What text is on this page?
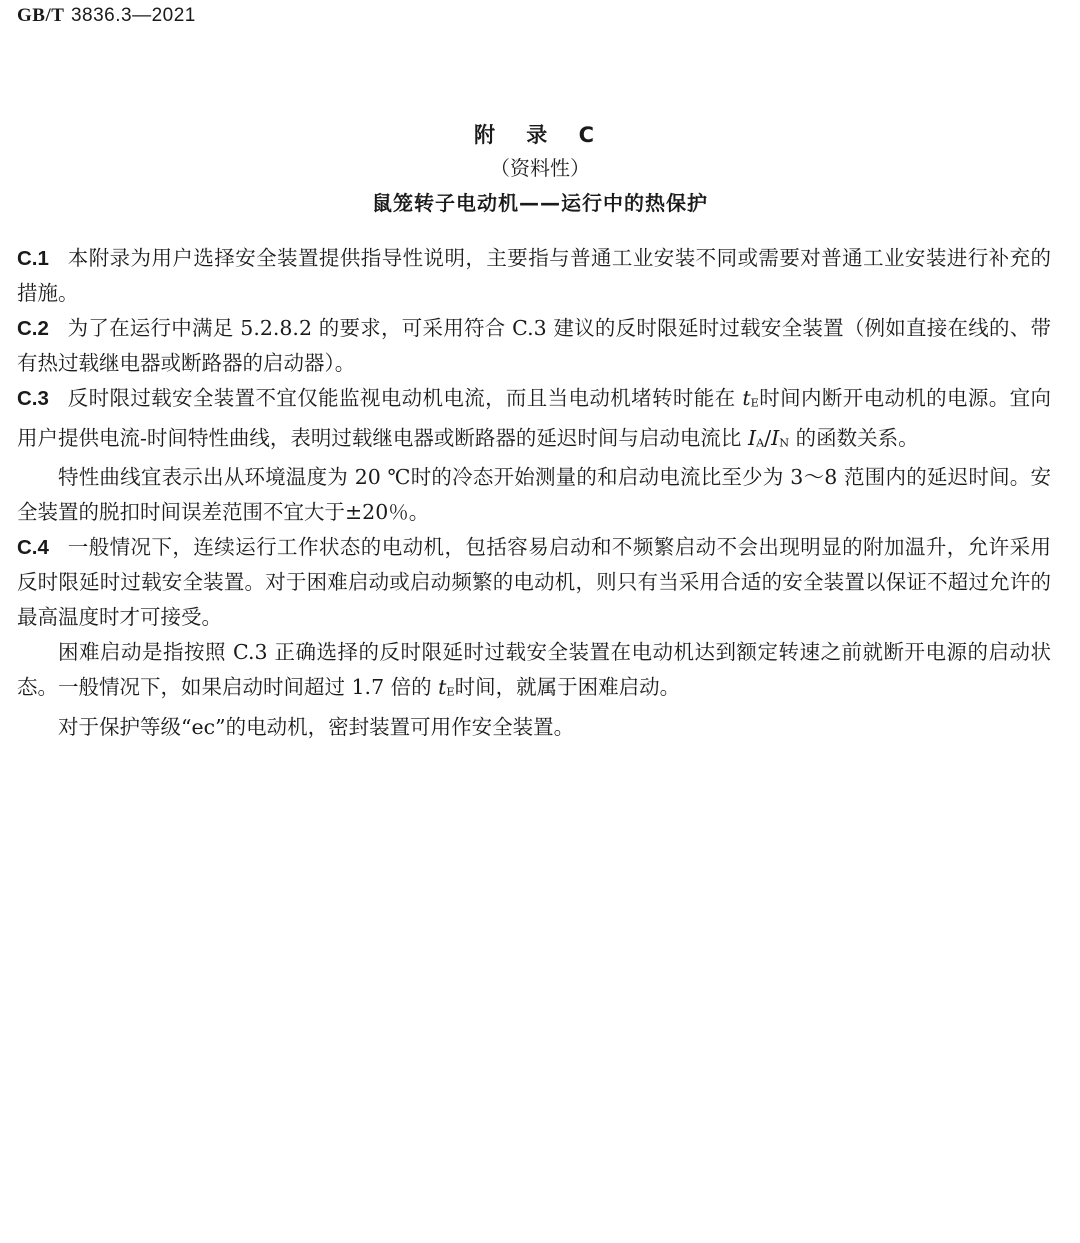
GB/T 3836.3—2021
附 录 C
（资料性）
鼠笼转子电动机——运行中的热保护

C.1 本附录为用户选择安全装置提供指导性说明，主要指与普通工业安装不同或需要对普通工业安装进行补充的措施。

C.2 为了在运行中满足 5.2.8.2 的要求，可采用符合 C.3 建议的反时限延时过载安全装置（例如直接在线的、带有热过载继电器或断路器的启动器）。

C.3 反时限过载安全装置不宜仅能监视电动机电流，而且当电动机堵转时能在 $t_E$时间内断开电动机的电源。宜向用户提供电流-时间特性曲线，表明过载继电器或断路器的延迟时间与启动电流比 $I_A/I_N$ 的函数关系。

特性曲线宜表示出从环境温度为 20 ℃时的冷态开始测量的和启动电流比至少为 3～8 范围内的延迟时间。安全装置的脱扣时间误差范围不宜大于±20％。

C.4 一般情况下，连续运行工作状态的电动机，包括容易启动和不频繁启动不会出现明显的附加温升，允许采用反时限延时过载安全装置。对于困难启动或启动频繁的电动机，则只有当采用合适的安全装置以保证不超过允许的最高温度时才可接受。

困难启动是指按照 C.3 正确选择的反时限延时过载安全装置在电动机达到额定转速之前就断开电源的启动状态。一般情况下，如果启动时间超过 1.7 倍的 $t_E$时间，就属于困难启动。

对于保护等级“ec”的电动机，密封装置可用作安全装置。
